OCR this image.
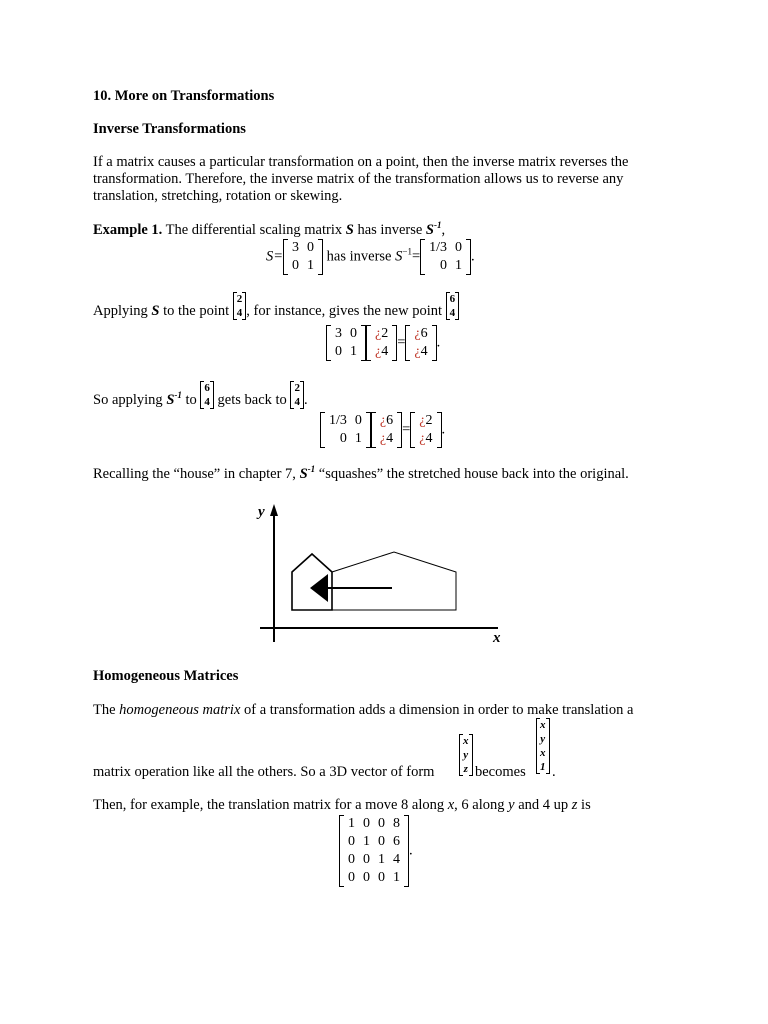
10. More on Transformations
Inverse Transformations

If a matrix causes a particular transformation on a point, then the inverse matrix reverses the transformation. Therefore, the inverse matrix of the transformation allows us to reverse any translation, stretching, rotation or skewing.

Example 1. The differential scaling matrix S has inverse $S^{-1}$,
S=
3	0
0	1
has inverse $S^{-1}=$
1/3	0
0	1
.
Applying S to the point
2
4 , for instance, gives the new point
6
4
3	0
0	1
¿2
¿4
=
¿6
¿4
.
So applying $S^{-1}$ to
6
4 gets back to
2
4 .
1/3	0
0	1
¿6
¿4
=
¿2
¿4
.
Recalling the “house” in chapter 7, $S^{-1}$ “squashes” the stretched house back into the original.
y
x
Homogeneous Matrices
The homogeneous matrix of a transformation adds a dimension in order to make translation a
matrix operation like all the others. So a 3D vector of form
x
y
z becomes
x
y
x
1 .
Then, for example, the translation matrix for a move 8 along x, 6 along y and 4 up z is
1	0	0	8
0	1	0	6
0	0	1	4
0	0	0	1
.
